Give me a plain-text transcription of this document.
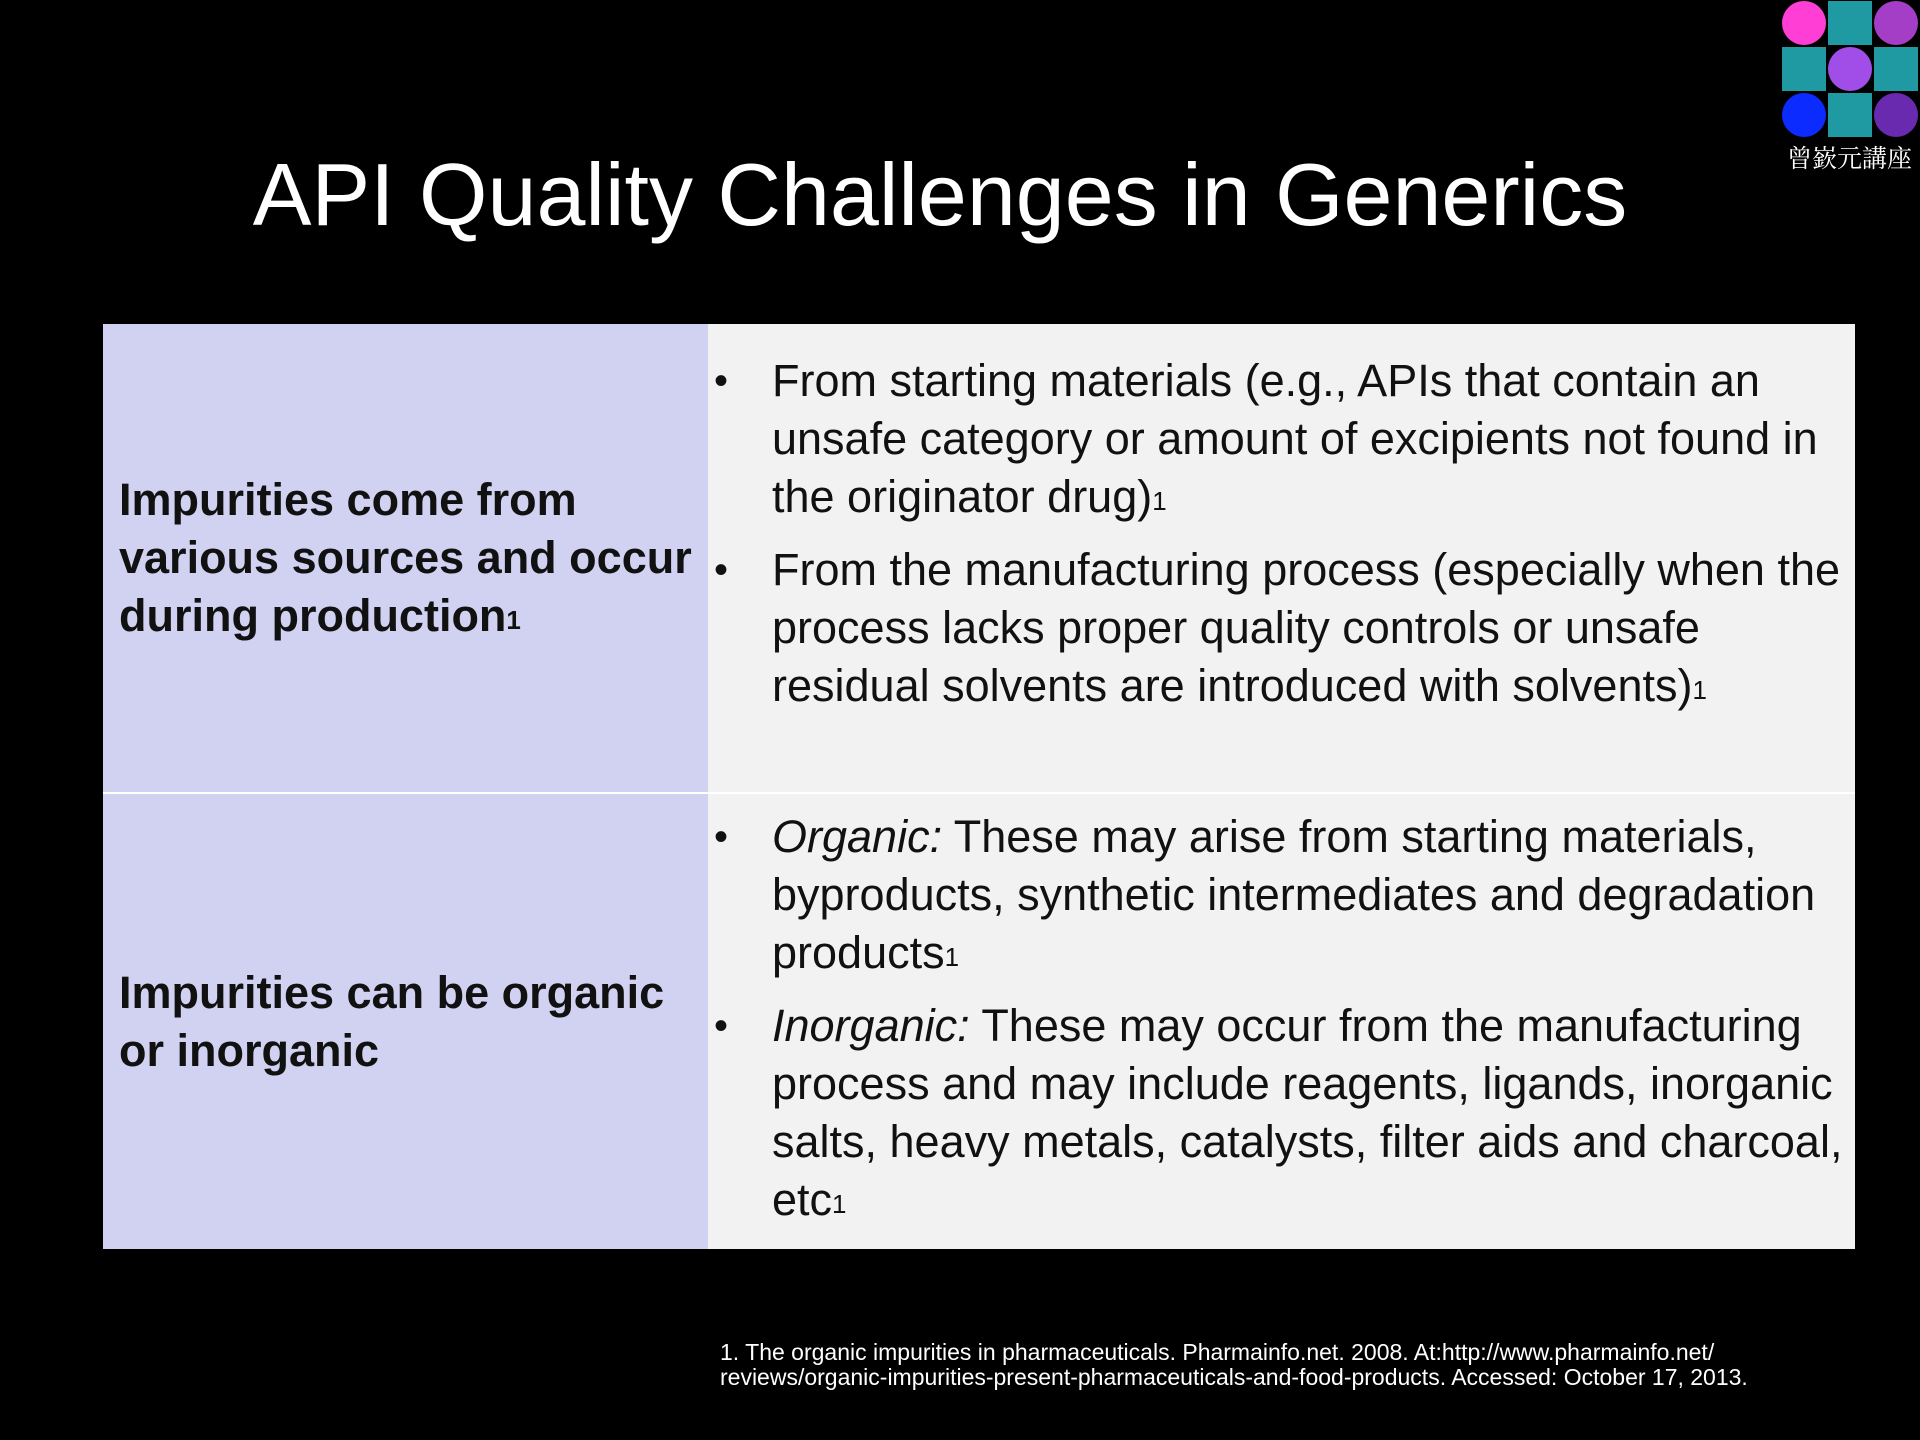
曾嶔元講座
API Quality Challenges in Generics
Impurities come from various sources and occur during production$^1$
• From starting materials (e.g., APIs that contain an unsafe category or amount of excipients not found in the originator drug)$^1$
• From the manufacturing process (especially when the process lacks proper quality controls or unsafe residual solvents are introduced with solvents)$^1$
Impurities can be organic or inorganic
• Organic: These may arise from starting materials, byproducts, synthetic intermediates and degradation products$^1$
• Inorganic: These may occur from the manufacturing process and may include reagents, ligands, inorganic salts, heavy metals, catalysts, filter aids and charcoal, etc$^1$
1. The organic impurities in pharmaceuticals. Pharmainfo.net. 2008. At:http://www.pharmainfo.net/
reviews/organic-impurities-present-pharmaceuticals-and-food-products. Accessed: October 17, 2013.
